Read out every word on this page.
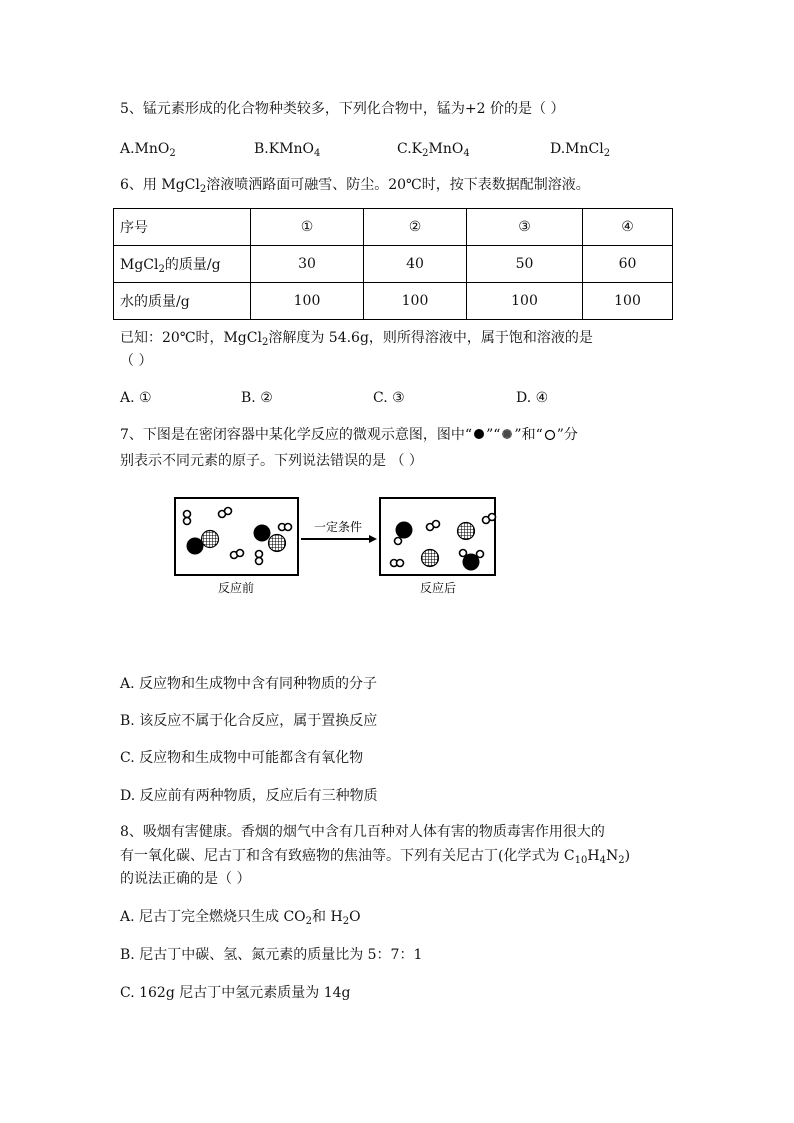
5、锰元素形成的化合物种类较多，下列化合物中，锰为+2 价的是（ ）
A.MnO$_2$	B.KMnO$_4$	$C.K_2MnO_4$	D.MnCl$_2$
6、用 MgCl$_2$溶液喷洒路面可融雪、防尘。20℃时，按下表数据配制溶液。
序号	①	②	③	④
MgCl$_2$的质量/g	30	40	50	60
水的质量/g	100	100	100	100
已知：20℃时，MgCl$_2$溶解度为 54.6g，则所得溶液中，属于饱和溶液的是
（ ）
A. ①	B. ②	C. ③	D. ④
7、下图是在密闭容器中某化学反应的微观示意图，图中“ ”“ ”和“ ”分
别表示不同元素的原子。下列说法错误的是 （ ）
反应前
一定条件
反应后
A. 反应物和生成物中含有同种物质的分子
B. 该反应不属于化合反应，属于置换反应
C. 反应物和生成物中可能都含有氧化物
D. 反应前有两种物质，反应后有三种物质
8、吸烟有害健康。香烟的烟气中含有几百种对人体有害的物质毒害作用很大的
有一氧化碳、尼古丁和含有致癌物的焦油等。下列有关尼古丁(化学式为 $C_{10}H_4N_2$)
的说法正确的是（ ）
A. 尼古丁完全燃烧只生成 $CO_2$和 $H_2O$
B. 尼古丁中碳、氢、氮元素的质量比为 5：7：1
C. 162g 尼古丁中氢元素质量为 14g
